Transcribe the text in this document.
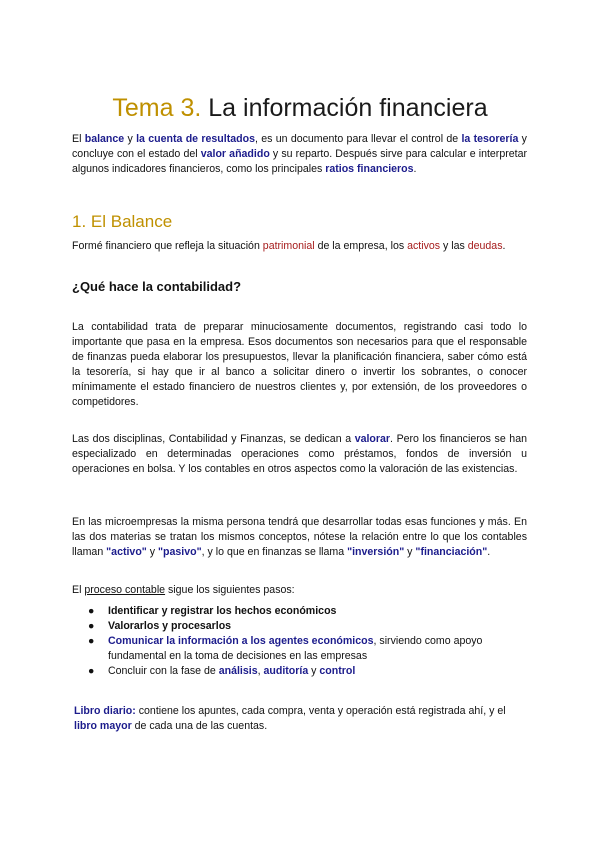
Tema 3. La información financiera
El balance y la cuenta de resultados, es un documento para llevar el control de la tesorería y concluye con el estado del valor añadido y su reparto. Después sirve para calcular e interpretar algunos indicadores financieros, como los principales ratios financieros.
1. El Balance
Formé financiero que refleja la situación patrimonial de la empresa, los activos y las deudas.
¿Qué hace la contabilidad?
La contabilidad trata de preparar minuciosamente documentos, registrando casi todo lo importante que pasa en la empresa. Esos documentos son necesarios para que el responsable de finanzas pueda elaborar los presupuestos, llevar la planificación financiera, saber cómo está la tesorería, si hay que ir al banco a solicitar dinero o invertir los sobrantes, o conocer mínimamente el estado financiero de nuestros clientes y, por extensión, de los proveedores o competidores.
Las dos disciplinas, Contabilidad y Finanzas, se dedican a valorar. Pero los financieros se han especializado en determinadas operaciones como préstamos, fondos de inversión u operaciones en bolsa. Y los contables en otros aspectos como la valoración de las existencias.
En las microempresas la misma persona tendrá que desarrollar todas esas funciones y más. En las dos materias se tratan los mismos conceptos, nótese la relación entre lo que los contables llaman "activo" y "pasivo", y lo que en finanzas se llama "inversión" y "financiación".
El proceso contable sigue los siguientes pasos:
● Identificar y registrar los hechos económicos
● Valorarlos y procesarlos
● Comunicar la información a los agentes económicos, sirviendo como apoyo fundamental en la toma de decisiones en las empresas
● Concluir con la fase de análisis, auditoría y control
Libro diario: contiene los apuntes, cada compra, venta y operación está registrada ahí, y el libro mayor de cada una de las cuentas.
